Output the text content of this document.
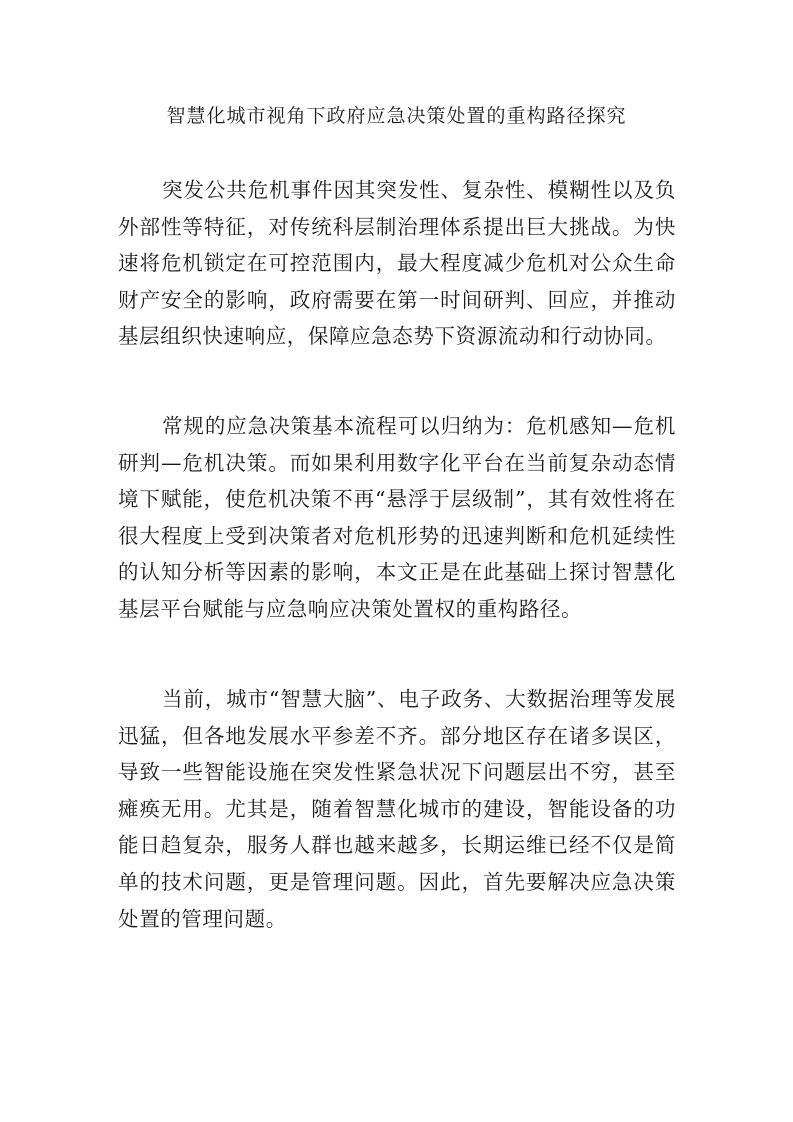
智慧化城市视角下政府应急决策处置的重构路径探究

突发公共危机事件因其突发性、复杂性、模糊性以及负外部性等特征，对传统科层制治理体系提出巨大挑战。为快速将危机锁定在可控范围内，最大程度减少危机对公众生命财产安全的影响，政府需要在第一时间研判、回应，并推动基层组织快速响应，保障应急态势下资源流动和行动协同。

常规的应急决策基本流程可以归纳为：危机感知—危机研判—危机决策。而如果利用数字化平台在当前复杂动态情境下赋能，使危机决策不再“悬浮于层级制”，其有效性将在很大程度上受到决策者对危机形势的迅速判断和危机延续性的认知分析等因素的影响，本文正是在此基础上探讨智慧化基层平台赋能与应急响应决策处置权的重构路径。

当前，城市“智慧大脑”、电子政务、大数据治理等发展迅猛，但各地发展水平参差不齐。部分地区存在诸多误区，导致一些智能设施在突发性紧急状况下问题层出不穷，甚至瘫痪无用。尤其是，随着智慧化城市的建设，智能设备的功能日趋复杂，服务人群也越来越多，长期运维已经不仅是简单的技术问题，更是管理问题。因此，首先要解决应急决策处置的管理问题。
